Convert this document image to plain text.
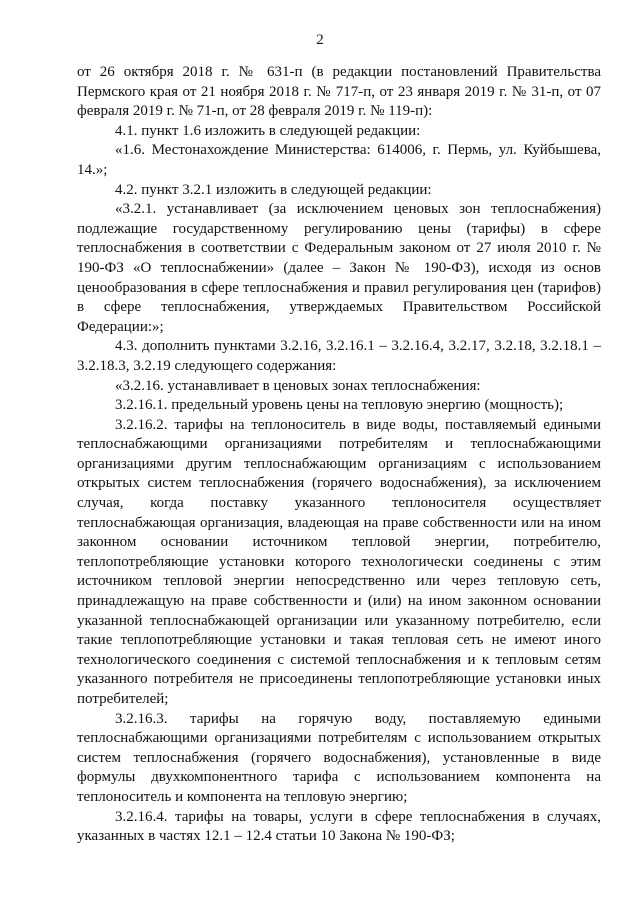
2

от 26 октября 2018 г. № 631-п (в редакции постановлений Правительства Пермского края от 21 ноября 2018 г. № 717-п, от 23 января 2019 г. № 31-п, от 07 февраля 2019 г. № 71-п, от 28 февраля 2019 г. № 119-п):

4.1. пункт 1.6 изложить в следующей редакции:

«1.6. Местонахождение Министерства: 614006, г. Пермь, ул. Куйбышева, 14.»;

4.2. пункт 3.2.1 изложить в следующей редакции:

«3.2.1. устанавливает (за исключением ценовых зон теплоснабжения) подлежащие государственному регулированию цены (тарифы) в сфере теплоснабжения в соответствии с Федеральным законом от 27 июля 2010 г. № 190-ФЗ «О теплоснабжении» (далее – Закон № 190-ФЗ), исходя из основ ценообразования в сфере теплоснабжения и правил регулирования цен (тарифов) в сфере теплоснабжения, утверждаемых Правительством Российской Федерации:»;

4.3. дополнить пунктами 3.2.16, 3.2.16.1 – 3.2.16.4, 3.2.17, 3.2.18, 3.2.18.1 – 3.2.18.3, 3.2.19 следующего содержания:

«3.2.16. устанавливает в ценовых зонах теплоснабжения:

3.2.16.1. предельный уровень цены на тепловую энергию (мощность);

3.2.16.2. тарифы на теплоноситель в виде воды, поставляемый едиными теплоснабжающими организациями потребителям и теплоснабжающими организациями другим теплоснабжающим организациям с использованием открытых систем теплоснабжения (горячего водоснабжения), за исключением случая, когда поставку указанного теплоносителя осуществляет теплоснабжающая организация, владеющая на праве собственности или на ином законном основании источником тепловой энергии, потребителю, теплопотребляющие установки которого технологически соединены с этим источником тепловой энергии непосредственно или через тепловую сеть, принадлежащую на праве собственности и (или) на ином законном основании указанной теплоснабжающей организации или указанному потребителю, если такие теплопотребляющие установки и такая тепловая сеть не имеют иного технологического соединения с системой теплоснабжения и к тепловым сетям указанного потребителя не присоединены теплопотребляющие установки иных потребителей;

3.2.16.3. тарифы на горячую воду, поставляемую едиными теплоснабжающими организациями потребителям с использованием открытых систем теплоснабжения (горячего водоснабжения), установленные в виде формулы двухкомпонентного тарифа с использованием компонента на теплоноситель и компонента на тепловую энергию;

3.2.16.4. тарифы на товары, услуги в сфере теплоснабжения в случаях, указанных в частях 12.1 – 12.4 статьи 10 Закона № 190-ФЗ;
